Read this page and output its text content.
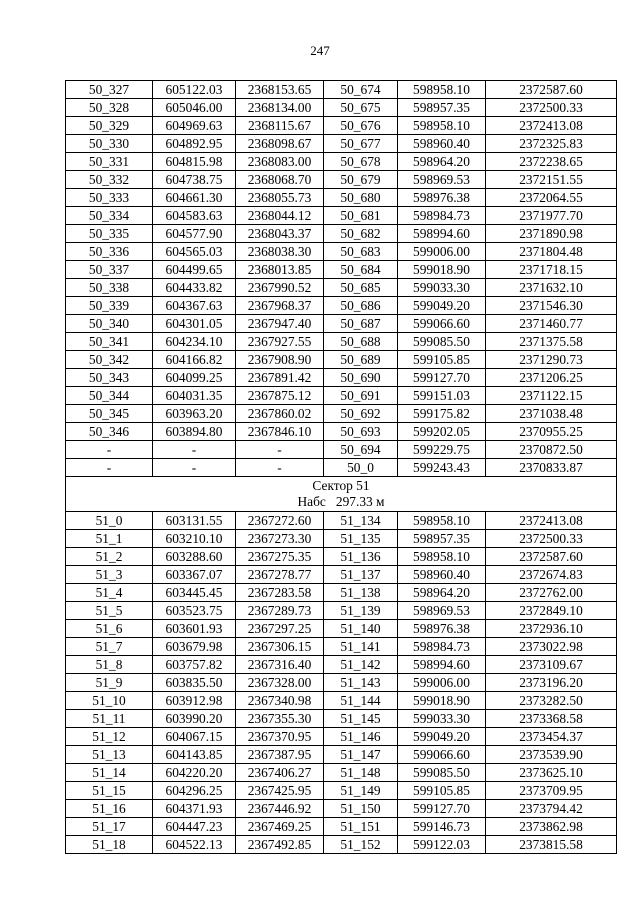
247
50_327	605122.03	2368153.65	50_674	598958.10	2372587.60
50_328	605046.00	2368134.00	50_675	598957.35	2372500.33
50_329	604969.63	2368115.67	50_676	598958.10	2372413.08
50_330	604892.95	2368098.67	50_677	598960.40	2372325.83
50_331	604815.98	2368083.00	50_678	598964.20	2372238.65
50_332	604738.75	2368068.70	50_679	598969.53	2372151.55
50_333	604661.30	2368055.73	50_680	598976.38	2372064.55
50_334	604583.63	2368044.12	50_681	598984.73	2371977.70
50_335	604577.90	2368043.37	50_682	598994.60	2371890.98
50_336	604565.03	2368038.30	50_683	599006.00	2371804.48
50_337	604499.65	2368013.85	50_684	599018.90	2371718.15
50_338	604433.82	2367990.52	50_685	599033.30	2371632.10
50_339	604367.63	2367968.37	50_686	599049.20	2371546.30
50_340	604301.05	2367947.40	50_687	599066.60	2371460.77
50_341	604234.10	2367927.55	50_688	599085.50	2371375.58
50_342	604166.82	2367908.90	50_689	599105.85	2371290.73
50_343	604099.25	2367891.42	50_690	599127.70	2371206.25
50_344	604031.35	2367875.12	50_691	599151.03	2371122.15
50_345	603963.20	2367860.02	50_692	599175.82	2371038.48
50_346	603894.80	2367846.10	50_693	599202.05	2370955.25
-	-	-	50_694	599229.75	2370872.50
-	-	-	50_0	599243.43	2370833.87

Сектор 51
Набс   297.33 м					

51_0	603131.55	2367272.60	51_134	598958.10	2372413.08
51_1	603210.10	2367273.30	51_135	598957.35	2372500.33
51_2	603288.60	2367275.35	51_136	598958.10	2372587.60
51_3	603367.07	2367278.77	51_137	598960.40	2372674.83
51_4	603445.45	2367283.58	51_138	598964.20	2372762.00
51_5	603523.75	2367289.73	51_139	598969.53	2372849.10
51_6	603601.93	2367297.25	51_140	598976.38	2372936.10
51_7	603679.98	2367306.15	51_141	598984.73	2373022.98
51_8	603757.82	2367316.40	51_142	598994.60	2373109.67
51_9	603835.50	2367328.00	51_143	599006.00	2373196.20
51_10	603912.98	2367340.98	51_144	599018.90	2373282.50
51_11	603990.20	2367355.30	51_145	599033.30	2373368.58
51_12	604067.15	2367370.95	51_146	599049.20	2373454.37
51_13	604143.85	2367387.95	51_147	599066.60	2373539.90
51_14	604220.20	2367406.27	51_148	599085.50	2373625.10
51_15	604296.25	2367425.95	51_149	599105.85	2373709.95
51_16	604371.93	2367446.92	51_150	599127.70	2373794.42
51_17	604447.23	2367469.25	51_151	599146.73	2373862.98
51_18	604522.13	2367492.85	51_152	599122.03	2373815.58
